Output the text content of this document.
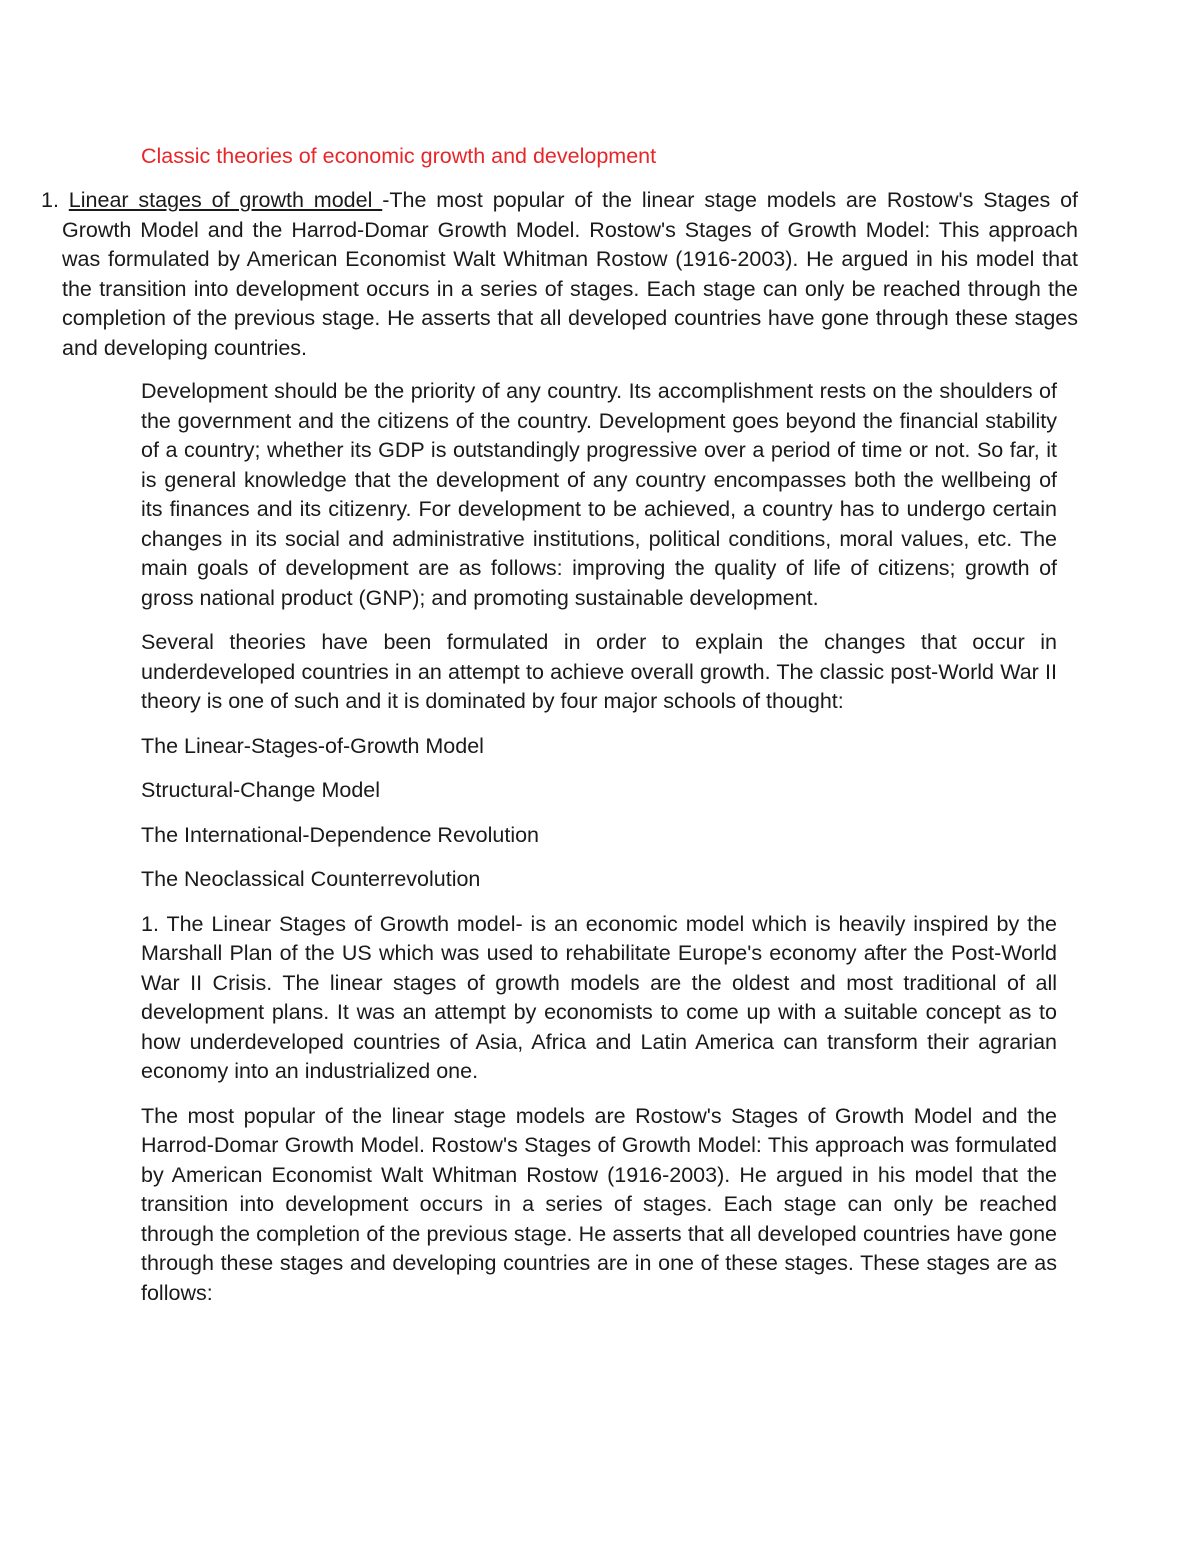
Classic theories of economic growth and development
1. Linear stages of growth model -The most popular of the linear stage models are Rostow's Stages of Growth Model and the Harrod-Domar Growth Model. Rostow's Stages of Growth Model: This approach was formulated by American Economist Walt Whitman Rostow (1916-2003). He argued in his model that the transition into development occurs in a series of stages. Each stage can only be reached through the completion of the previous stage. He asserts that all developed countries have gone through these stages and developing countries.

Development should be the priority of any country. Its accomplishment rests on the shoulders of the government and the citizens of the country. Development goes beyond the financial stability of a country; whether its GDP is outstandingly progressive over a period of time or not. So far, it is general knowledge that the development of any country encompasses both the wellbeing of its finances and its citizenry. For development to be achieved, a country has to undergo certain changes in its social and administrative institutions, political conditions, moral values, etc. The main goals of development are as follows: improving the quality of life of citizens; growth of gross national product (GNP); and promoting sustainable development.

Several theories have been formulated in order to explain the changes that occur in underdeveloped countries in an attempt to achieve overall growth. The classic post-World War II theory is one of such and it is dominated by four major schools of thought:

The Linear-Stages-of-Growth Model

Structural-Change Model

The International-Dependence Revolution

The Neoclassical Counterrevolution

1. The Linear Stages of Growth model- is an economic model which is heavily inspired by the Marshall Plan of the US which was used to rehabilitate Europe's economy after the Post-World War II Crisis. The linear stages of growth models are the oldest and most traditional of all development plans. It was an attempt by economists to come up with a suitable concept as to how underdeveloped countries of Asia, Africa and Latin America can transform their agrarian economy into an industrialized one.

The most popular of the linear stage models are Rostow's Stages of Growth Model and the Harrod-Domar Growth Model. Rostow's Stages of Growth Model: This approach was formulated by American Economist Walt Whitman Rostow (1916-2003). He argued in his model that the transition into development occurs in a series of stages. Each stage can only be reached through the completion of the previous stage. He asserts that all developed countries have gone through these stages and developing countries are in one of these stages. These stages are as follows:
